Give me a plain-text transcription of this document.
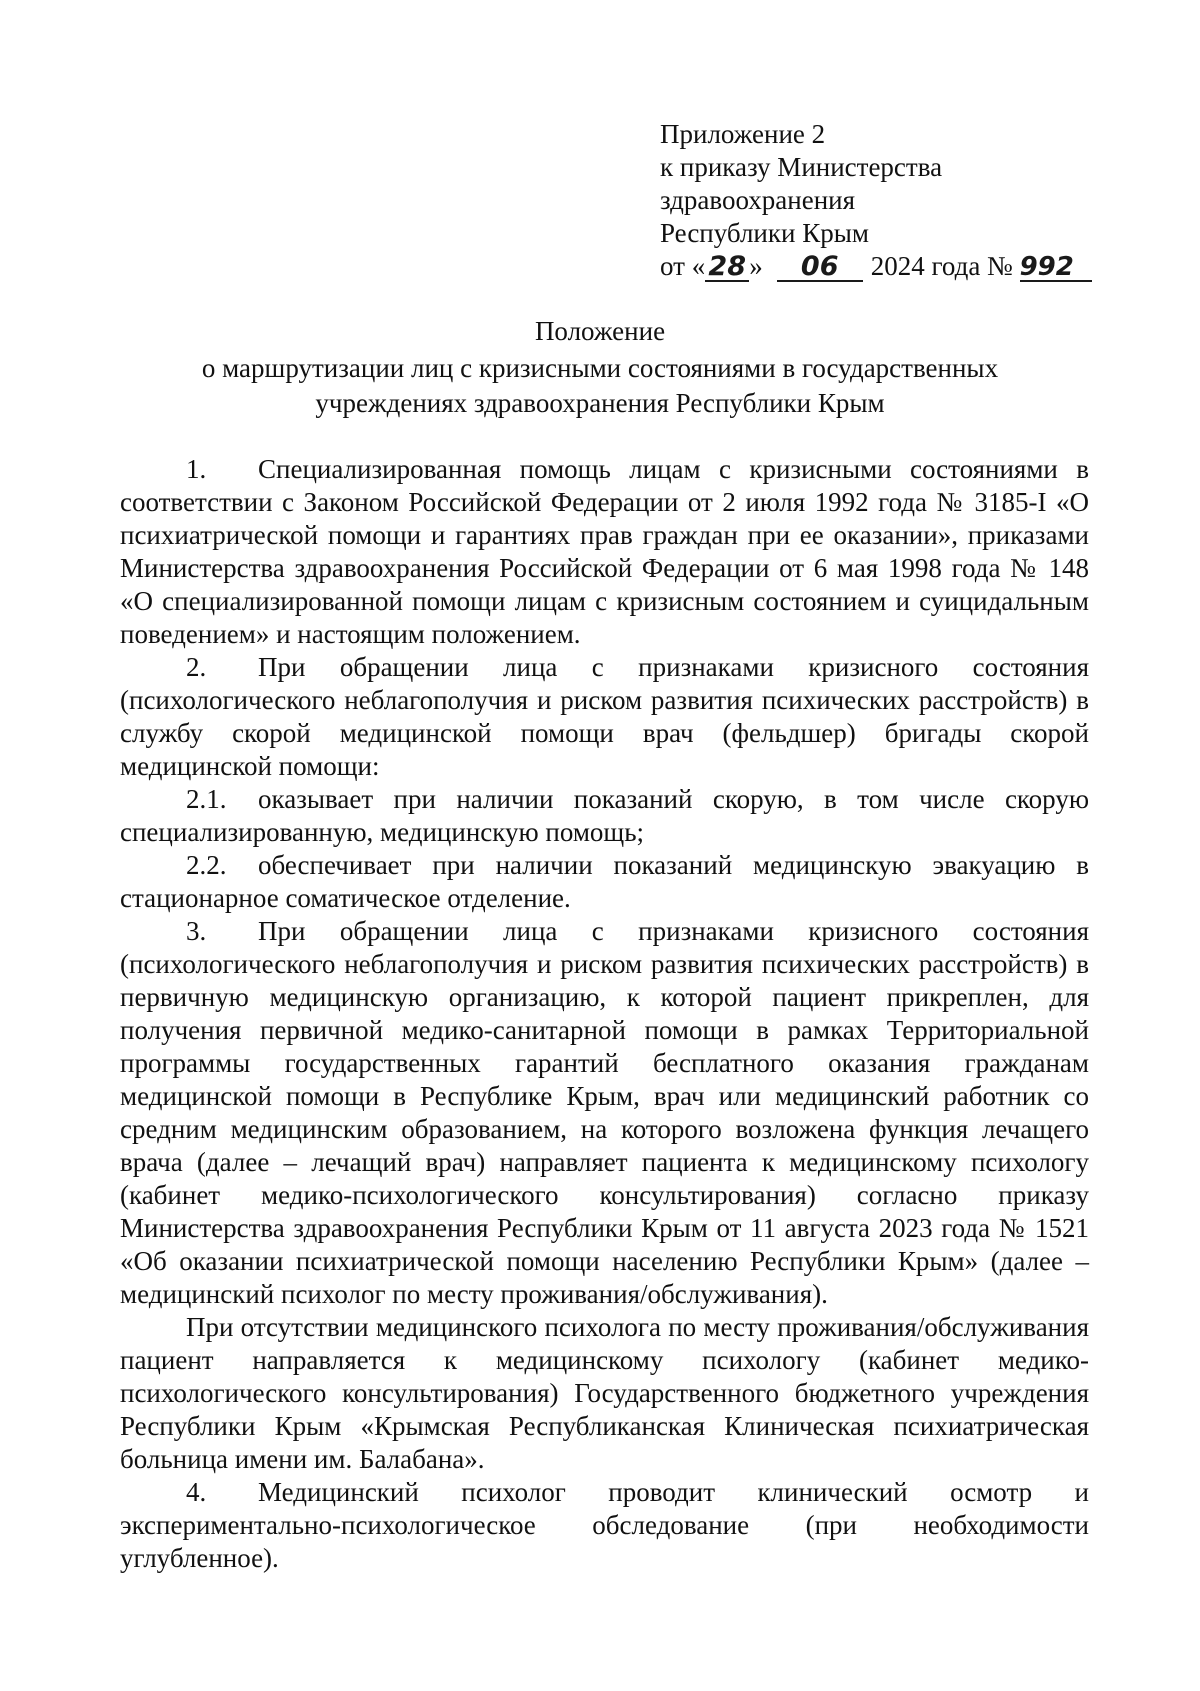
Приложение 2
к приказу Министерства
здравоохранения
Республики Крым
от « 28 » 06 2024 года № 992
Положение
о маршрутизации лиц с кризисными состояниями в государственных
учреждениях здравоохранения Республики Крым

1. Специализированная помощь лицам с кризисными состояниями в соответствии с Законом Российской Федерации от 2 июля 1992 года № 3185-I «О психиатрической помощи и гарантиях прав граждан при ее оказании», приказами Министерства здравоохранения Российской Федерации от 6 мая 1998 года № 148 «О специализированной помощи лицам с кризисным состоянием и суицидальным поведением» и настоящим положением.

2. При обращении лица с признаками кризисного состояния (психологического неблагополучия и риском развития психических расстройств) в службу скорой медицинской помощи врач (фельдшер) бригады скорой медицинской помощи:

2.1. оказывает при наличии показаний скорую, в том числе скорую специализированную, медицинскую помощь;

2.2. обеспечивает при наличии показаний медицинскую эвакуацию в стационарное соматическое отделение.

3. При обращении лица с признаками кризисного состояния (психологического неблагополучия и риском развития психических расстройств) в первичную медицинскую организацию, к которой пациент прикреплен, для получения первичной медико-санитарной помощи в рамках Территориальной программы государственных гарантий бесплатного оказания гражданам медицинской помощи в Республике Крым, врач или медицинский работник со средним медицинским образованием, на которого возложена функция лечащего врача (далее – лечащий врач) направляет пациента к медицинскому психологу (кабинет медико-психологического консультирования) согласно приказу Министерства здравоохранения Республики Крым от 11 августа 2023 года № 1521 «Об оказании психиатрической помощи населению Республики Крым» (далее – медицинский психолог по месту проживания/обслуживания).

При отсутствии медицинского психолога по месту проживания/обслуживания пациент направляется к медицинскому психологу (кабинет медико-психологического консультирования) Государственного бюджетного учреждения Республики Крым «Крымская Республиканская Клиническая психиатрическая больница имени им. Балабана».

4. Медицинский психолог проводит клинический осмотр и экспериментально-психологическое обследование (при необходимости углубленное).
